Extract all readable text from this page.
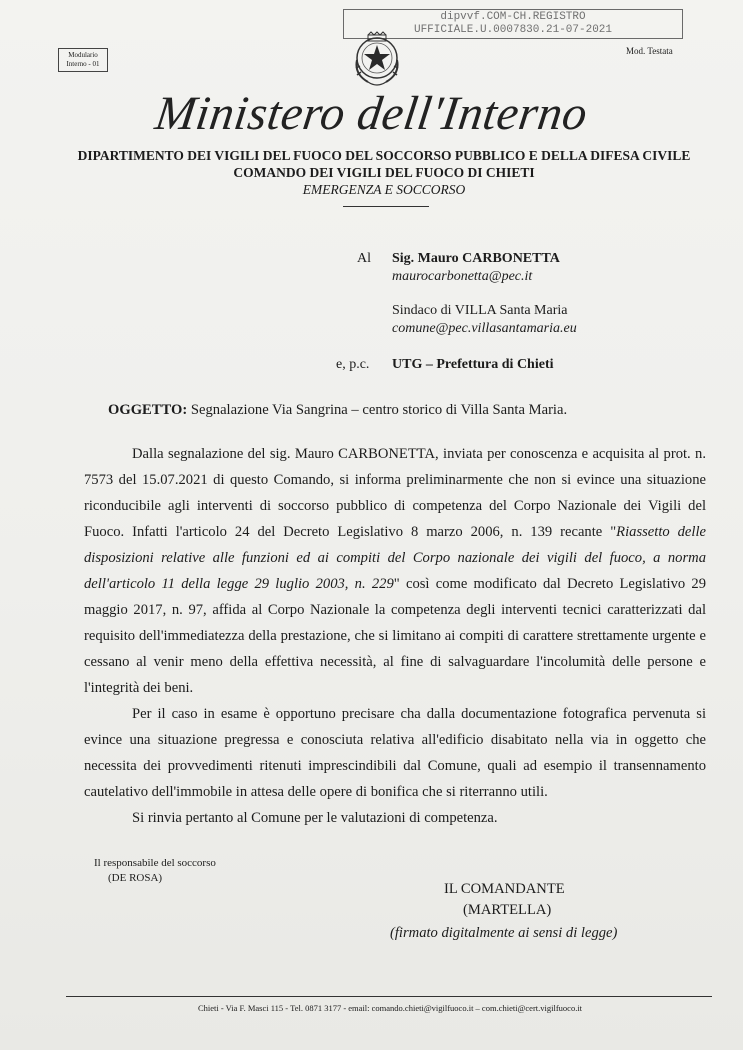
dipvvf.COM-CH.REGISTRO
UFFICIALE.U.0007830.21-07-2021
Modulario
Interno - 01
Mod. Testata
Ministero dell'Interno
DIPARTIMENTO DEI VIGILI DEL FUOCO DEL SOCCORSO PUBBLICO E DELLA DIFESA CIVILE
COMANDO DEI VIGILI DEL FUOCO DI CHIETI
EMERGENZA E SOCCORSO
Al Sig. Mauro CARBONETTA
maurocarbonetta@pec.it
Sindaco di VILLA Santa Maria
comune@pec.villasantamaria.eu
e, p.c. UTG – Prefettura di Chieti
OGGETTO: Segnalazione Via Sangrina – centro storico di Villa Santa Maria.
Dalla segnalazione del sig. Mauro CARBONETTA, inviata per conoscenza e acquisita al prot. n. 7573 del 15.07.2021 di questo Comando, si informa preliminarmente che non si evince una situazione riconducibile agli interventi di soccorso pubblico di competenza del Corpo Nazionale dei Vigili del Fuoco. Infatti l'articolo 24 del Decreto Legislativo 8 marzo 2006, n. 139 recante "Riassetto delle disposizioni relative alle funzioni ed ai compiti del Corpo nazionale dei vigili del fuoco, a norma dell'articolo 11 della legge 29 luglio 2003, n. 229" così come modificato dal Decreto Legislativo 29 maggio 2017, n. 97, affida al Corpo Nazionale la competenza degli interventi tecnici caratterizzati dal requisito dell'immediatezza della prestazione, che si limitano ai compiti di carattere strettamente urgente e cessano al venir meno della effettiva necessità, al fine di salvaguardare l'incolumità delle persone e l'integrità dei beni.
Per il caso in esame è opportuno precisare cha dalla documentazione fotografica pervenuta si evince una situazione pregressa e conosciuta relativa all'edificio disabitato nella via in oggetto che necessita dei provvedimenti ritenuti imprescindibili dal Comune, quali ad esempio il transennamento cautelativo dell'immobile in attesa delle opere di bonifica che si riterranno utili.
Si rinvia pertanto al Comune per le valutazioni di competenza.
Il responsabile del soccorso
(DE ROSA)
IL COMANDANTE
(MARTELLA)
(firmato digitalmente ai sensi di legge)
Chieti - Via F. Masci 115 - Tel. 0871 3177 - email: comando.chieti@vigilfuoco.it – com.chieti@cert.vigilfuoco.it
